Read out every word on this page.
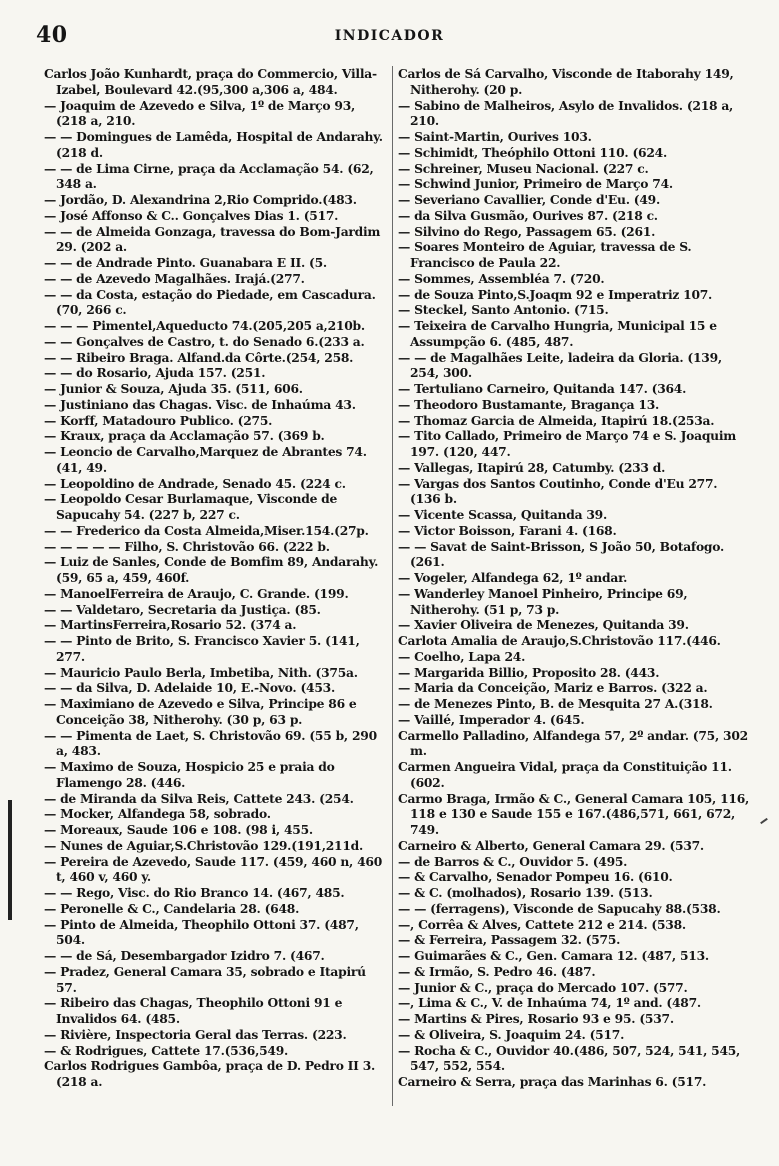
40	INDICADOR
Carlos João Kunhardt, praça do Commercio, Villa-Izabel, Boulevard 42.(95,300 a,306 a, 484.
— Joaquim de Azevedo e Silva, 1º de Março 93, (218 a, 210.
— — Domingues de Lamêda, Hospital de Andarahy. (218 d.
— — de Lima Cirne, praça da Acclamação 54. (62, 348 a.
— Jordão, D. Alexandrina 2,Rio Comprido.(483.
— José Affonso & C.. Gonçalves Dias 1. (517.
— — de Almeida Gonzaga, travessa do Bom-Jardim 29. (202 a.
— — de Andrade Pinto. Guanabara E II. (5.
— — de Azevedo Magalhães. Irajá.(277.
— — da Costa, estação do Piedade, em Cascadura. (70, 266 c.
— — — Pimentel,Aqueducto 74.(205,205 a,210b.
— — Gonçalves de Castro, t. do Senado 6.(233 a.
— — Ribeiro Braga. Alfand.da Côrte.(254, 258.
— — do Rosario, Ajuda 157. (251.
— Junior & Souza, Ajuda 35. (511, 606.
— Justiniano das Chagas. Visc. de Inhaúma 43.
— Korff, Matadouro Publico. (275.
— Kraux, praça da Acclamação 57. (369 b.
— Leoncio de Carvalho,Marquez de Abrantes 74. (41, 49.
— Leopoldino de Andrade, Senado 45. (224 c.
— Leopoldo Cesar Burlamaque, Visconde de Sapucahy 54. (227 b, 227 c.
— — Frederico da Costa Almeida,Miser.154.(27p.
— — — — — Filho, S. Christovão 66. (222 b.
— Luiz de Sanles, Conde de Bomfim 89, Andarahy. (59, 65 a, 459, 460f.
— ManoelFerreira de Araujo, C. Grande. (199.
— — Valdetaro, Secretaria da Justiça. (85.
— MartinsFerreira,Rosario 52. (374 a.
— — Pinto de Brito, S. Francisco Xavier 5. (141, 277.
— Mauricio Paulo Berla, Imbetiba, Nith. (375a.
— — da Silva, D. Adelaide 10, E.-Novo. (453.
— Maximiano de Azevedo e Silva, Principe 86 e Conceição 38, Nitherohy. (30 p, 63 p.
— — Pimenta de Laet, S. Christovão 69. (55 b, 290 a, 483.
— Maximo de Souza, Hospicio 25 e praia do Flamengo 28. (446.
— de Miranda da Silva Reis, Cattete 243. (254.
— Mocker, Alfandega 58, sobrado.
— Moreaux, Saude 106 e 108. (98 i, 455.
— Nunes de Aguiar,S.Christovão 129.(191,211d.
— Pereira de Azevedo, Saude 117. (459, 460 n, 460 t, 460 v, 460 y.
— — Rego, Visc. do Rio Branco 14. (467, 485.
— Peronelle & C., Candelaria 28. (648.
— Pinto de Almeida, Theophilo Ottoni 37. (487, 504.
— — de Sá, Desembargador Izidro 7. (467.
— Pradez, General Camara 35, sobrado e Itapirú 57.
— Ribeiro das Chagas, Theophilo Ottoni 91 e Invalidos 64. (485.
— Rivière, Inspectoria Geral das Terras. (223.
— & Rodrigues, Cattete 17.(536,549.
Carlos Rodrigues Gambôa, praça de D. Pedro II 3. (218 a.
Carlos de Sá Carvalho, Visconde de Itaborahy 149, Nitherohy. (20 p.
— Sabino de Malheiros, Asylo de Invalidos. (218 a, 210.
— Saint-Martin, Ourives 103.
— Schimidt, Theóphilo Ottoni 110. (624.
— Schreiner, Museu Nacional. (227 c.
— Schwind Junior, Primeiro de Março 74.
— Severiano Cavallier, Conde d'Eu. (49.
— da Silva Gusmão, Ourives 87. (218 c.
— Silvino do Rego, Passagem 65. (261.
— Soares Monteiro de Aguiar, travessa de S. Francisco de Paula 22.
— Sommes, Assembléa 7. (720.
— de Souza Pinto,S.Joaqm 92 e Imperatriz 107.
— Steckel, Santo Antonio. (715.
— Teixeira de Carvalho Hungria, Municipal 15 e Assumpção 6. (485, 487.
— — de Magalhães Leite, ladeira da Gloria. (139, 254, 300.
— Tertuliano Carneiro, Quitanda 147. (364.
— Theodoro Bustamante, Bragança 13.
— Thomaz Garcia de Almeida, Itapirú 18.(253a.
— Tito Callado, Primeiro de Março 74 e S. Joaquim 197. (120, 447.
— Vallegas, Itapirú 28, Catumby. (233 d.
— Vargas dos Santos Coutinho, Conde d'Eu 277. (136 b.
— Vicente Scassa, Quitanda 39.
— Victor Boisson, Farani 4. (168.
— — Savat de Saint-Brisson, S João 50, Botafogo. (261.
— Vogeler, Alfandega 62, 1º andar.
— Wanderley Manoel Pinheiro, Principe 69, Nitherohy. (51 p, 73 p.
— Xavier Oliveira de Menezes, Quitanda 39.
Carlota Amalia de Araujo,S.Christovão 117.(446.
— Coelho, Lapa 24.
— Margarida Billio, Proposito 28. (443.
— Maria da Conceição, Mariz e Barros. (322 a.
— de Menezes Pinto, B. de Mesquita 27 A.(318.
— Vaillé, Imperador 4. (645.
Carmello Palladino, Alfandega 57, 2º andar. (75, 302 m.
Carmen Angueira Vidal, praça da Constituição 11. (602.
Carmo Braga, Irmão & C., General Camara 105, 116, 118 e 130 e Saude 155 e 167.(486,571, 661, 672, 749.
Carneiro & Alberto, General Camara 29. (537.
— de Barros & C., Ouvidor 5. (495.
— & Carvalho, Senador Pompeu 16. (610.
— & C. (molhados), Rosario 139. (513.
— — (ferragens), Visconde de Sapucahy 88.(538.
—, Corrêa & Alves, Cattete 212 e 214. (538.
— & Ferreira, Passagem 32. (575.
— Guimarães & C., Gen. Camara 12. (487, 513.
— & Irmão, S. Pedro 46. (487.
— Junior & C., praça do Mercado 107. (577.
—, Lima & C., V. de Inhaúma 74, 1º and. (487.
— Martins & Pires, Rosario 93 e 95. (537.
— & Oliveira, S. Joaquim 24. (517.
— Rocha & C., Ouvidor 40.(486, 507, 524, 541, 545, 547, 552, 554.
Carneiro & Serra, praça das Marinhas 6. (517.
